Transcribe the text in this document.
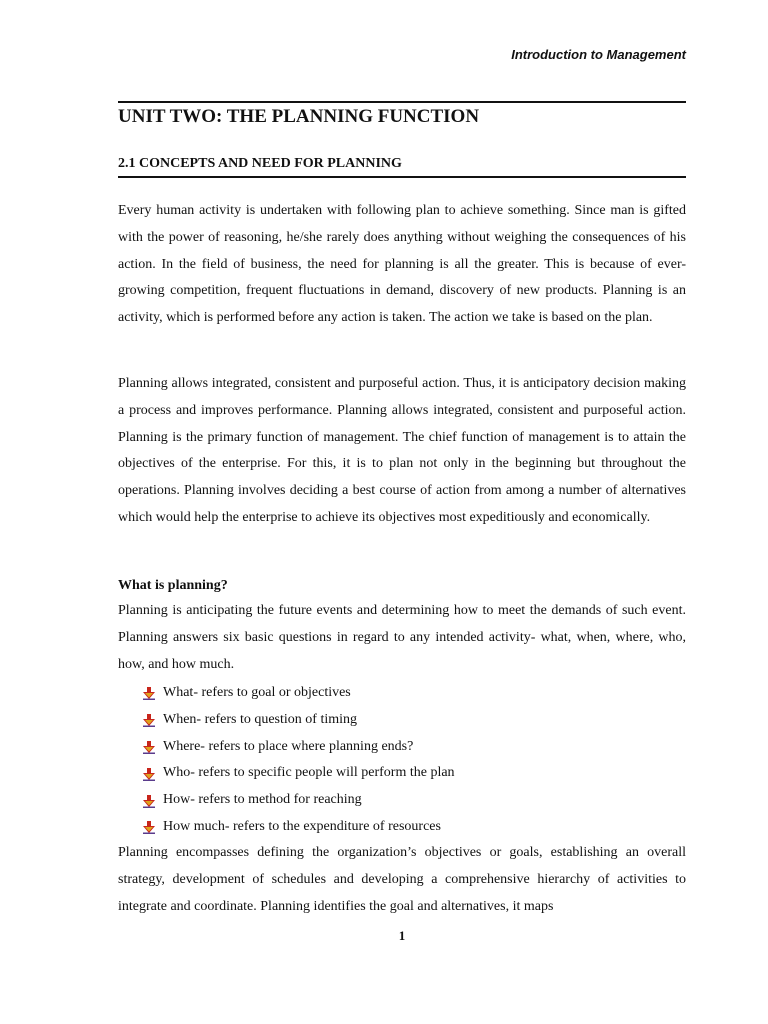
Introduction to Management
UNIT TWO: THE PLANNING FUNCTION
2.1 CONCEPTS AND NEED FOR PLANNING

Every human activity is undertaken with following plan to achieve something. Since man is gifted with the power of reasoning, he/she rarely does anything without weighing the consequences of his action. In the field of business, the need for planning is all the greater. This is because of ever-growing competition, frequent fluctuations in demand, discovery of new products. Planning is an activity, which is performed before any action is taken. The action we take is based on the plan.

Planning allows integrated, consistent and purposeful action. Thus, it is anticipatory decision making a process and improves performance. Planning allows integrated, consistent and purposeful action. Planning is the primary function of management. The chief function of management is to attain the objectives of the enterprise. For this, it is to plan not only in the beginning but throughout the operations. Planning involves deciding a best course of action from among a number of alternatives which would help the enterprise to achieve its objectives most expeditiously and economically.

What is planning?

Planning is anticipating the future events and determining how to meet the demands of such event. Planning answers six basic questions in regard to any intended activity- what, when, where, who, how, and how much.

What- refers to goal or objectives
When- refers to question of timing
Where- refers to place where planning ends?
Who- refers to specific people will perform the plan
How- refers to method for reaching
How much- refers to the expenditure of resources

Planning encompasses defining the organization’s objectives or goals, establishing an overall strategy, development of schedules and developing a comprehensive hierarchy of activities to integrate and coordinate. Planning identifies the goal and alternatives, it maps

1
